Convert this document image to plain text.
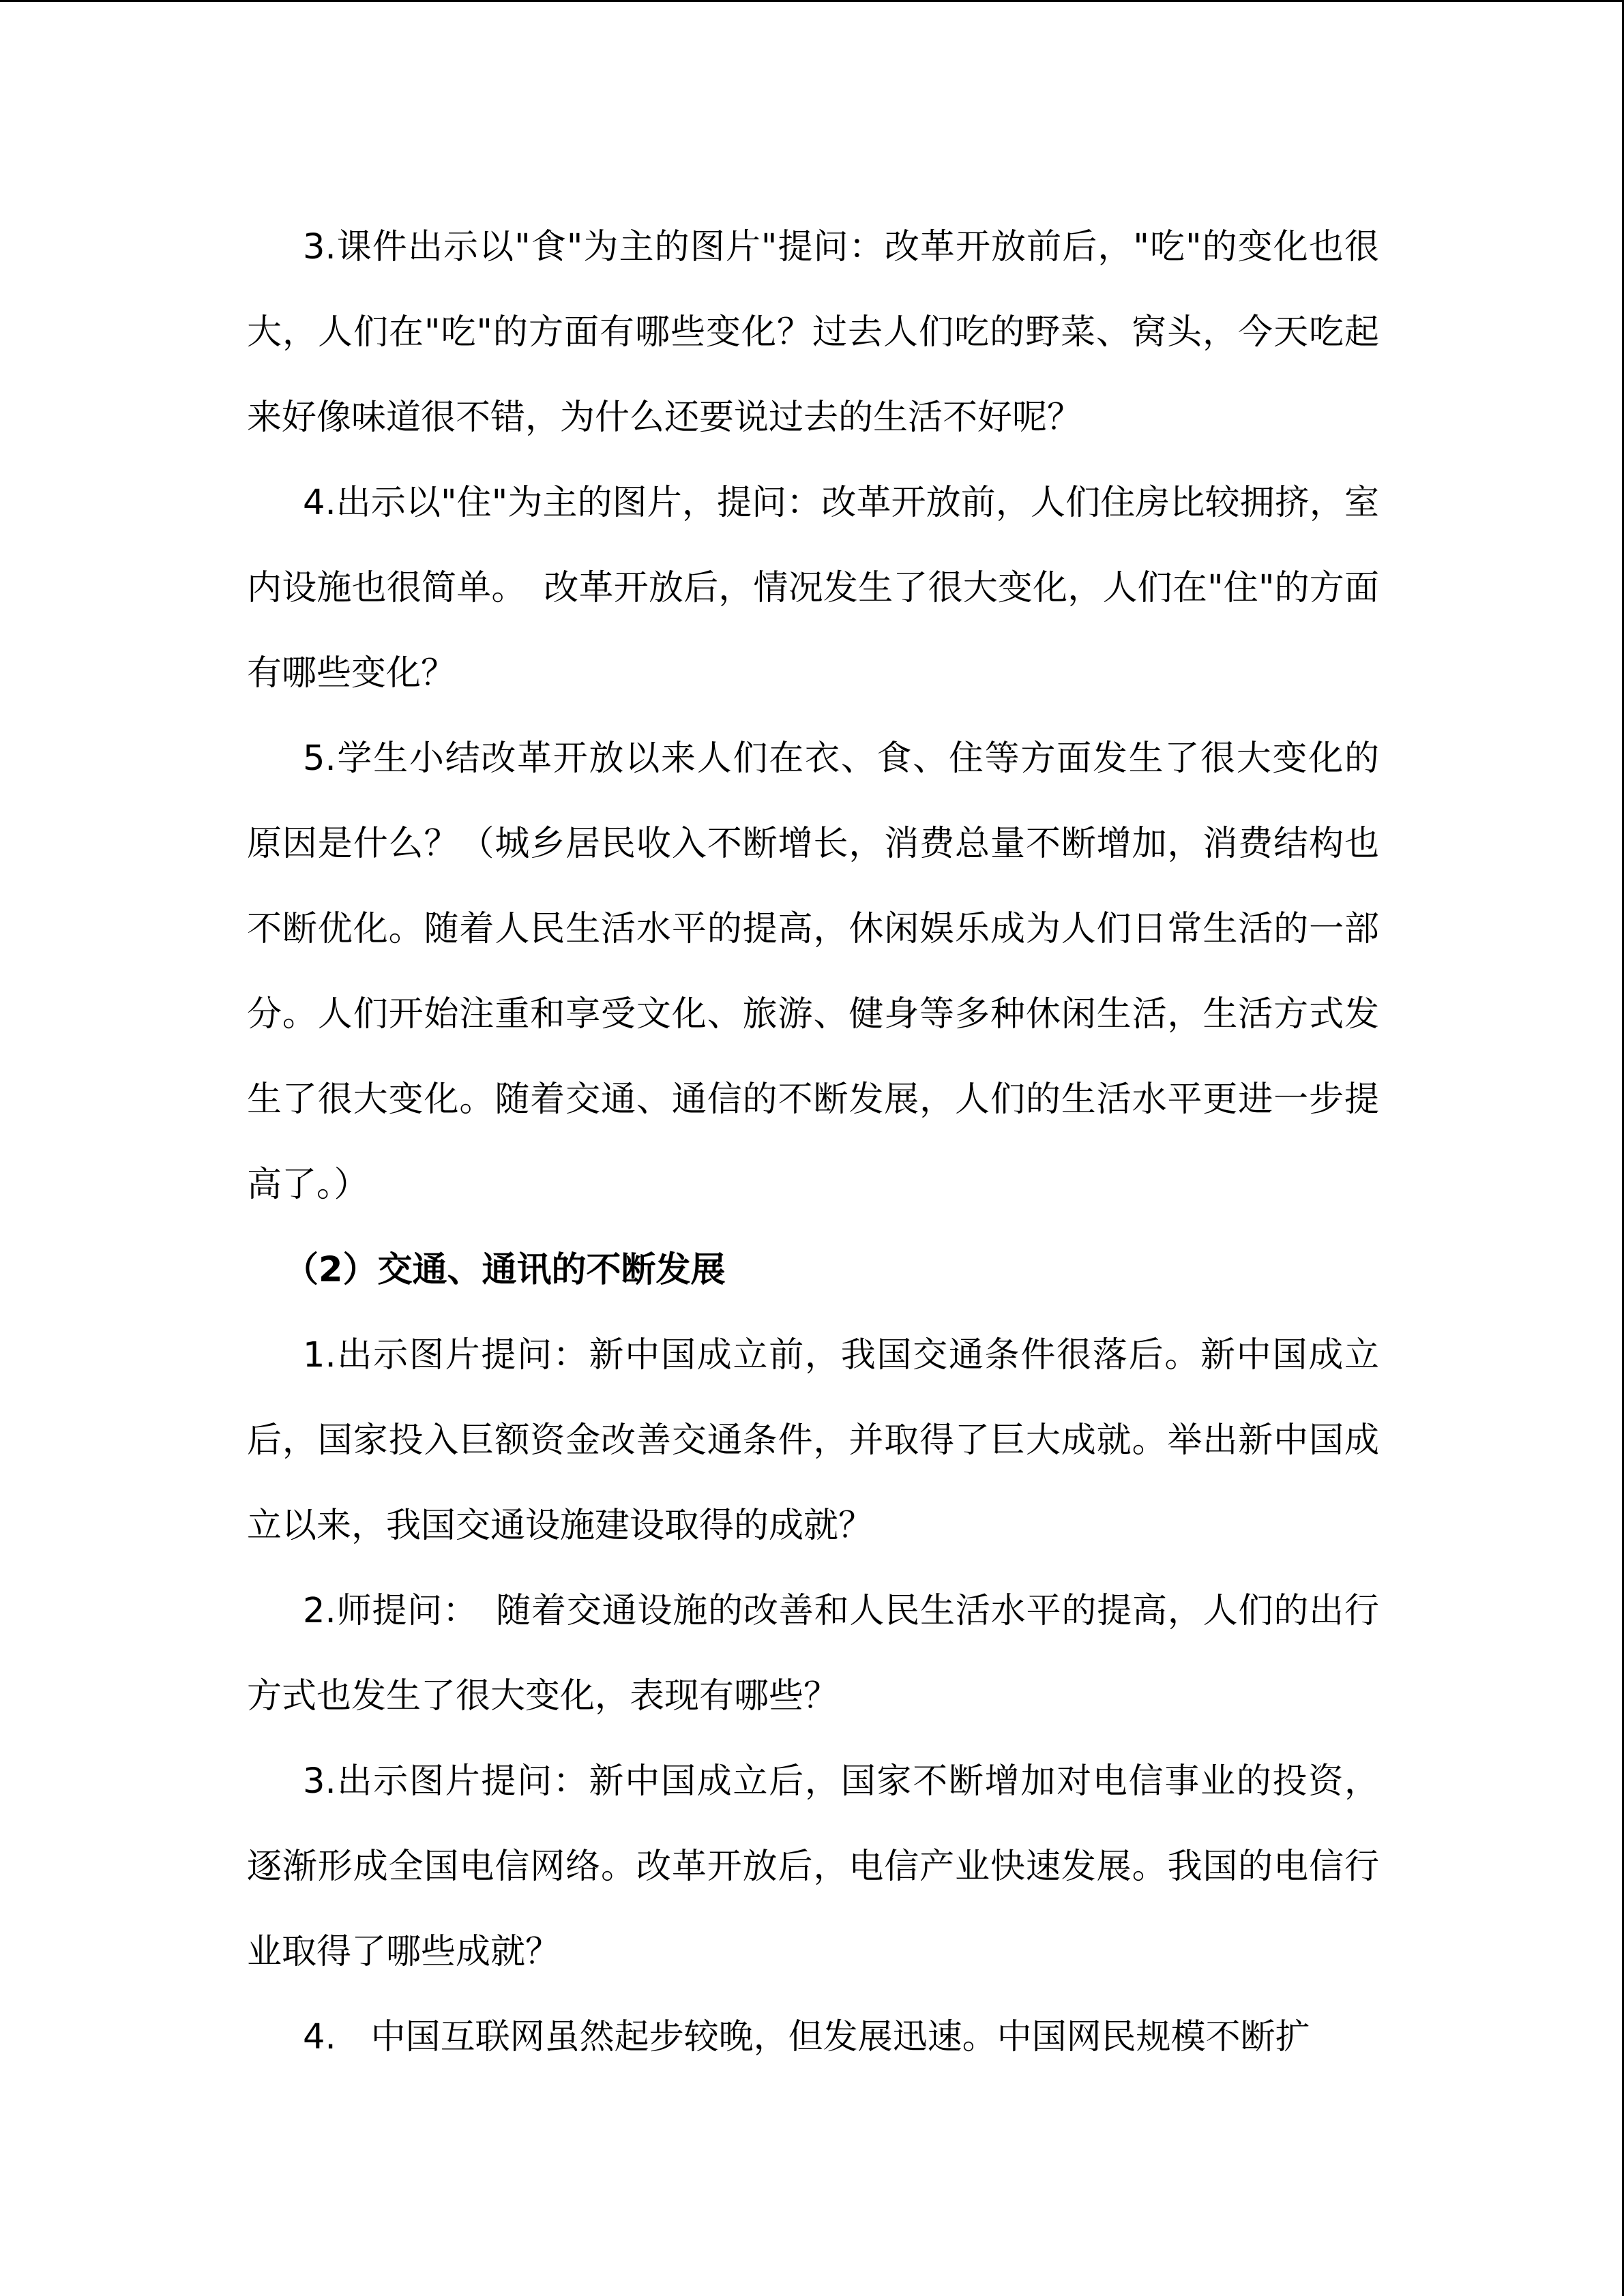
3.课件出示以"食"为主的图片"提问：改革开放前后，"吃"的变化也很大，人们在"吃"的方面有哪些变化？过去人们吃的野菜、窝头，今天吃起来好像味道很不错，为什么还要说过去的生活不好呢？

4.出示以"住"为主的图片，提问：改革开放前，人们住房比较拥挤，室内设施也很简单。　改革开放后，情况发生了很大变化，人们在"住"的方面有哪些变化？

5.学生小结改革开放以来人们在衣、食、住等方面发生了很大变化的原因是什么？（城乡居民收入不断增长，消费总量不断增加，消费结构也不断优化。随着人民生活水平的提高，休闲娱乐成为人们日常生活的一部分。人们开始注重和享受文化、旅游、健身等多种休闲生活，生活方式发生了很大变化。随着交通、通信的不断发展，人们的生活水平更进一步提高了。）

（2）交通、通讯的不断发展

1.出示图片提问：新中国成立前，我国交通条件很落后。新中国成立后，国家投入巨额资金改善交通条件，并取得了巨大成就。举出新中国成立以来，我国交通设施建设取得的成就？

2.师提问：　随着交通设施的改善和人民生活水平的提高，人们的出行方式也发生了很大变化，表现有哪些？

3.出示图片提问：新中国成立后，国家不断增加对电信事业的投资，逐渐形成全国电信网络。改革开放后，电信产业快速发展。我国的电信行业取得了哪些成就？

4.　中国互联网虽然起步较晚，但发展迅速。中国网民规模不断扩
